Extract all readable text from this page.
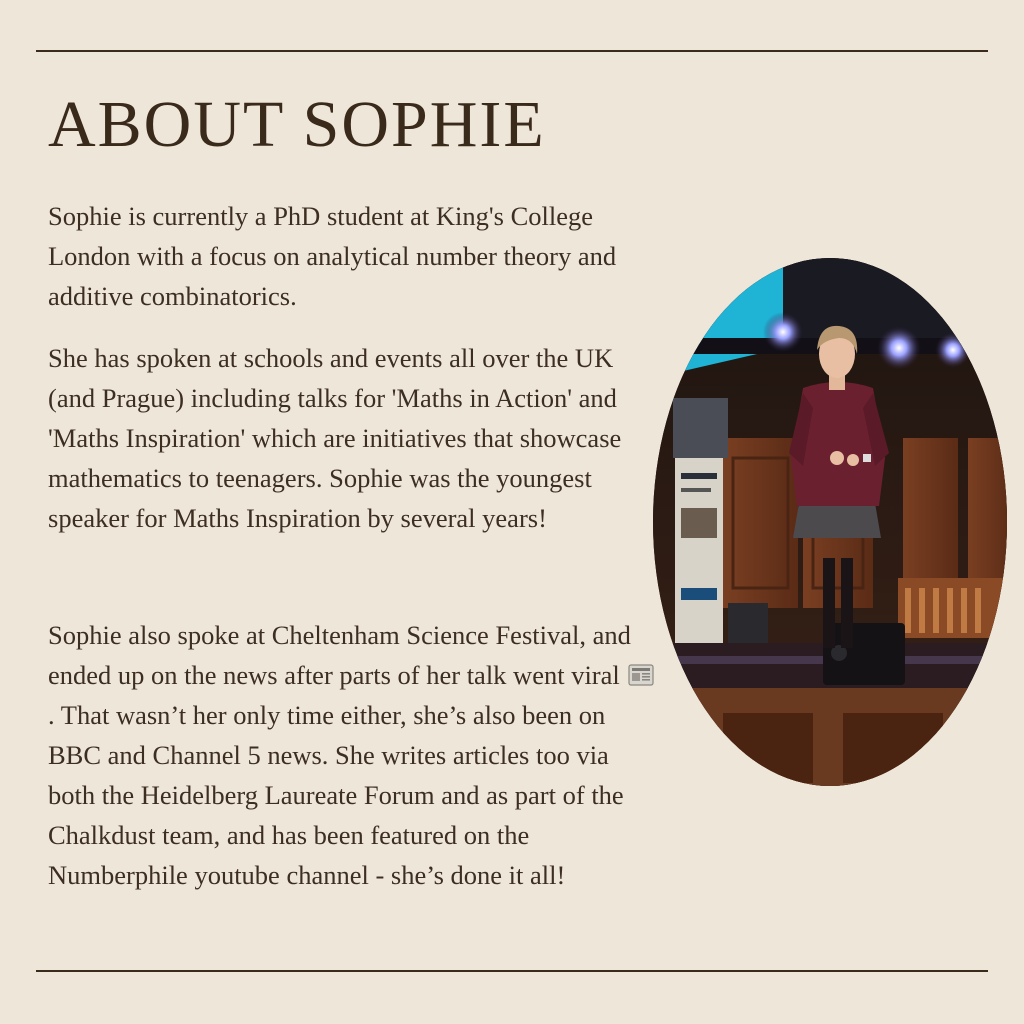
ABOUT SOPHIE

Sophie is currently a PhD student at King's College London with a focus on analytical number theory and additive combinatorics.

She has spoken at schools and events all over the UK (and Prague) including talks for 'Maths in Action' and 'Maths Inspiration' which are initiatives that showcase mathematics to teenagers. Sophie was the youngest speaker for Maths Inspiration by several years!

Sophie also spoke at Cheltenham Science Festival, and ended up on the news after parts of her talk went viral . That wasn’t her only time either, she’s also been on BBC and Channel 5 news. She writes articles too via both the Heidelberg Laureate Forum and as part of the Chalkdust team, and has been featured on the Numberphile youtube channel - she’s done it all!
